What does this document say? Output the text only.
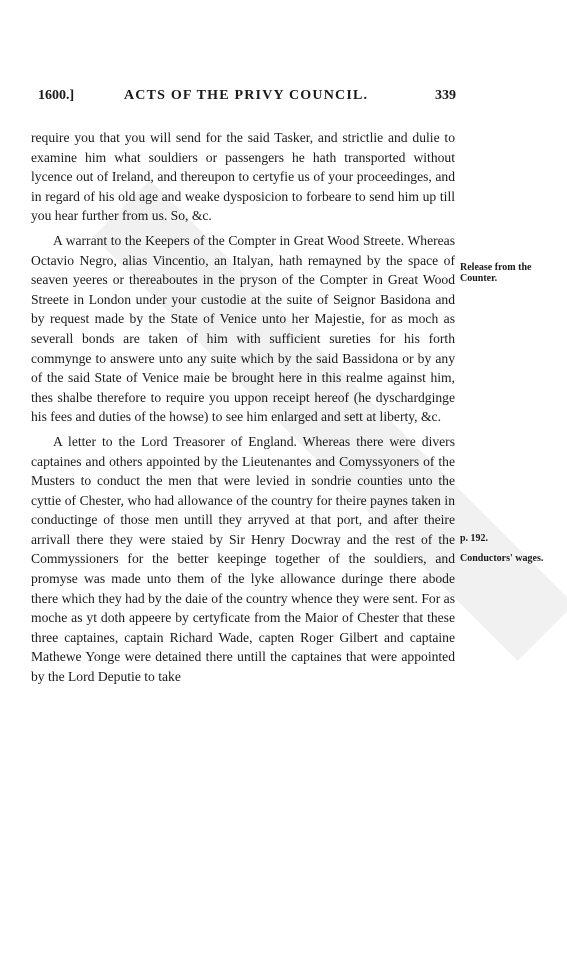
1600.]	ACTS OF THE PRIVY COUNCIL.	339

require you that you will send for the said Tasker, and strictlie and dulie to examine him what souldiers or passengers he hath transported without lycence out of Ireland, and thereupon to certyfie us of your proceedinges, and in regard of his old age and weake dysposicion to forbeare to send him up till you hear further from us. So, &c.

A warrant to the Keepers of the Compter in Great Wood Streete. Whereas Octavio Negro, alias Vincentio, an Italyan, hath remayned by the space of seaven yeeres or thereaboutes in the pryson of the Compter in Great Wood Streete in London under your custodie at the suite of Seignor Basidona and by request made by the State of Venice unto her Majestie, for as moch as severall bonds are taken of him with sufficient sureties for his forth commynge to answere unto any suite which by the said Bassidona or by any of the said State of Venice maie be brought here in this realme against him, thes shalbe therefore to require you uppon receipt hereof (he dyschardginge his fees and duties of the howse) to see him enlarged and sett at liberty, &c.

A letter to the Lord Treasorer of England. Whereas there were divers captaines and others appointed by the Lieutenantes and Comyssyoners of the Musters to conduct the men that were levied in sondrie counties unto the cyttie of Chester, who had allowance of the country for theire paynes taken in conductinge of those men untill they arryved at that port, and after theire arrivall there they were staied by Sir Henry Docwray and the rest of the Commyssioners for the better keepinge together of the souldiers, and promyse was made unto them of the lyke allowance duringe there abode there which they had by the daie of the country whence they were sent. For as moche as yt doth appeere by certyficate from the Maior of Chester that these three captaines, captain Richard Wade, capten Roger Gilbert and captaine Mathewe Yonge were detained there untill the captaines that were appointed by the Lord Deputie to take

Release from the Counter.
p. 192.
Conductors' wages.
